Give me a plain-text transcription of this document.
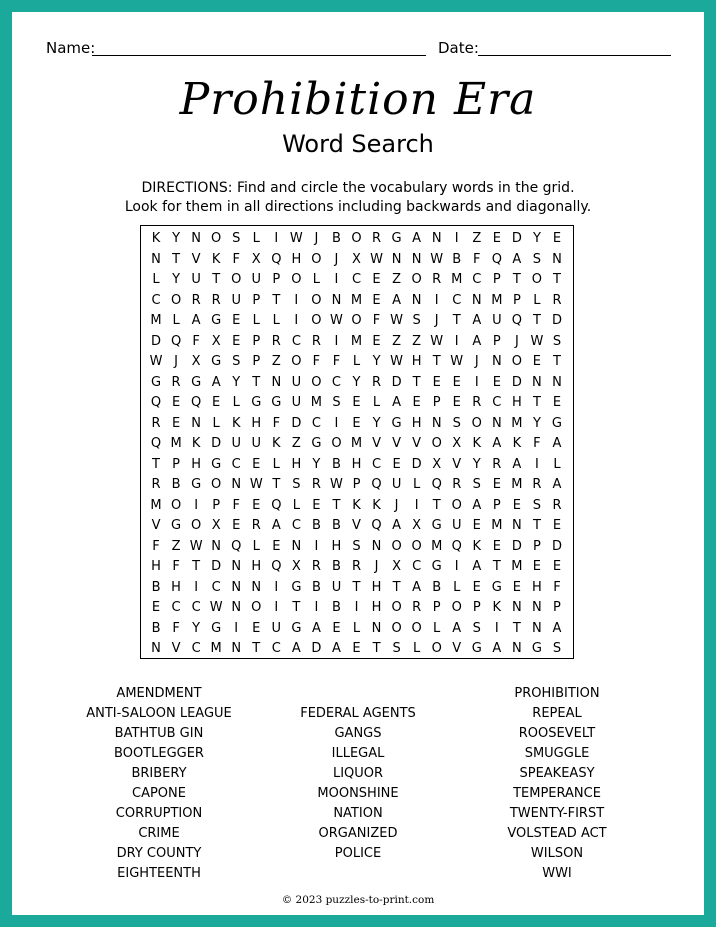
Name:	Date:
Prohibition Era
Word Search
DIRECTIONS: Find and circle the vocabulary words in the grid.
Look for them in all directions including backwards and diagonally.
K Y N O S L	I W J	B O R G A N	I	Z E D Y E
N T V K F X Q H O	J	X W N N W B F Q A S N
L Y U T O U P O L	I	C E Z O R M C P T O T
C O R R U P T	I	O N M E A N	I	C N M P L R
M L A G E L L	I	O W O F W S	J	T A U Q T D
D Q F X E P R C R	I M E Z Z W I	A P	J W S
W J	X G S P Z O F F L Y W H T W J	N O E T
G R G A Y T N U O C Y R D T E E	I	E D N N
Q E Q E L G G U M S E L A E P E R C H T E
R E N L K H F D C	I	E Y G H N S O N M Y G
Q M K D U U K Z G O M V V V O X K A K F A
T P H G C E L H Y B H C E D X V Y R A	I	L
R B G O N W T S R W P Q U L Q R S E M R A
M O	I	P F E Q L E T K K	J	I	T O A P E S R
V G O X E R A C B B V Q A X G U E M N T E
F Z W N Q L E N	I	H S N O O M Q K E D P D
H F T D N H Q X R B R	J	X C G	I	A T M E E
B H	I	C N N	I	G B U T H T A B L E G E H F
E C C W N O	I	T	I	B	I	H O R P O P K N N P
B F Y G	I	E U G A E L N O O L A S	I	T N A
N V C M N T C A D A E T S L O V G A N G S
AMENDMENT
ANTI-SALOON LEAGUE
BATHTUB GIN
BOOTLEGGER
BRIBERY
CAPONE
CORRUPTION
CRIME
DRY COUNTY
EIGHTEENTH
FEDERAL AGENTS
GANGS
ILLEGAL
LIQUOR
MOONSHINE
NATION
ORGANIZED
POLICE
PROHIBITION
REPEAL
ROOSEVELT
SMUGGLE
SPEAKEASY
TEMPERANCE
TWENTY-FIRST
VOLSTEAD ACT
WILSON
WWI
© 2023 puzzles-to-print.com
